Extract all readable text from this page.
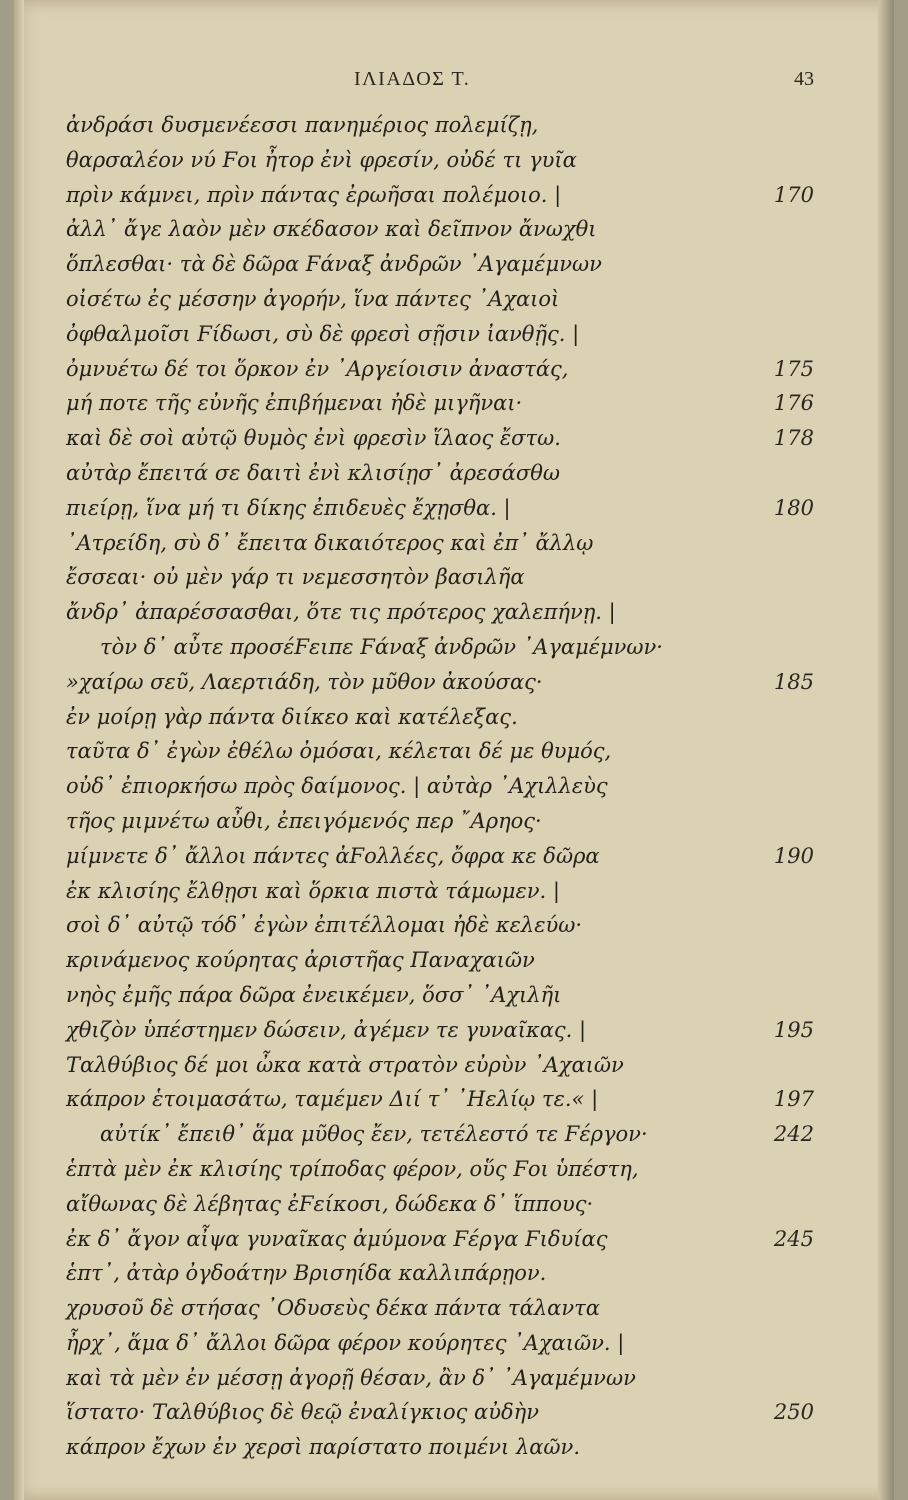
ΙΛΙΑΔΟΣ Τ.	43
ἀνδράσι δυσμενέεσσι πανημέριος πολεμίζῃ,
θαρσαλέον νύ Ϝοι ἦτορ ἐνὶ φρεσίν, οὐδέ τι γυῖα
πρὶν κάμνει, πρὶν πάντας ἐρωῆσαι πολέμοιο. |	170
ἀλλ᾽ ἄγε λαὸν μὲν σκέδασον καὶ δεῖπνον ἄνωχθι
ὅπλεσθαι· τὰ δὲ δῶρα Ϝάναξ ἀνδρῶν ᾽Αγαμέμνων
οἰσέτω ἐς μέσσην ἀγορήν, ἵνα πάντες ᾽Αχαιοὶ
ὀφθαλμοῖσι Ϝίδωσι, σὺ δὲ φρεσὶ σῇσιν ἰανθῇς. |
ὀμνυέτω δέ τοι ὅρκον ἐν ᾽Αργείοισιν ἀναστάς,	175
μή ποτε τῆς εὐνῆς ἐπιβήμεναι ἠδὲ μιγῆναι·	176
καὶ δὲ σοὶ αὐτῷ θυμὸς ἐνὶ φρεσὶν ἵλαος ἔστω.	178
αὐτὰρ ἔπειτά σε δαιτὶ ἐνὶ κλισίῃσ᾽ ἀρεσάσθω
πιείρῃ, ἵνα μή τι δίκης ἐπιδευὲς ἔχῃσθα. |	180
᾽Ατρείδη, σὺ δ᾽ ἔπειτα δικαιότερος καὶ ἐπ᾽ ἄλλῳ
ἔσσεαι· οὐ μὲν γάρ τι νεμεσσητὸν βασιλῆα
ἄνδρ᾽ ἀπαρέσσασθαι, ὅτε τις πρότερος χαλεπήνῃ. |
τὸν δ᾽ αὖτε προσέϜειπε Ϝάναξ ἀνδρῶν ᾽Αγαμέμνων·
»χαίρω σεῦ, Λαερτιάδη, τὸν μῦθον ἀκούσας·	185
ἐν μοίρῃ γὰρ πάντα διίκεο καὶ κατέλεξας.
ταῦτα δ᾽ ἐγὼν ἐθέλω ὀμόσαι, κέλεται δέ με θυμός,
οὐδ᾽ ἐπιορκήσω πρὸς δαίμονος. | αὐτὰρ ᾽Αχιλλεὺς
τῆος μιμνέτω αὖθι, ἐπειγόμενός περ ῎Αρηος·
μίμνετε δ᾽ ἄλλοι πάντες ἀϜολλέες, ὄφρα κε δῶρα	190
ἐκ κλισίης ἔλθῃσι καὶ ὅρκια πιστὰ τάμωμεν. |
σοὶ δ᾽ αὐτῷ τόδ᾽ ἐγὼν ἐπιτέλλομαι ἠδὲ κελεύω·
κρινάμενος κούρητας ἀριστῆας Παναχαιῶν
νηὸς ἐμῆς πάρα δῶρα ἐνεικέμεν, ὅσσ᾽ ᾽Αχιλῆι
χθιζὸν ὑπέστημεν δώσειν, ἀγέμεν τε γυναῖκας. |	195
Ταλθύβιος δέ μοι ὦκα κατὰ στρατὸν εὐρὺν ᾽Αχαιῶν
κάπρον ἑτοιμασάτω, ταμέμεν Διί τ᾽ ᾽Ηελίῳ τε.« |	197
αὐτίκ᾽ ἔπειθ᾽ ἅμα μῦθος ἔεν, τετέλεστό τε Ϝέργον·	242
ἑπτὰ μὲν ἐκ κλισίης τρίποδας φέρον, οὕς Ϝοι ὑπέστη,
αἴθωνας δὲ λέβητας ἐϜείκοσι, δώδεκα δ᾽ ἵππους·
ἐκ δ᾽ ἄγον αἶψα γυναῖκας ἀμύμονα Ϝέργα Ϝιδυίας	245
ἑπτ᾽, ἀτὰρ ὀγδοάτην Βρισηίδα καλλιπάρῃον.
χρυσοῦ δὲ στήσας ᾽Οδυσεὺς δέκα πάντα τάλαντα
ἦρχ᾽, ἅμα δ᾽ ἄλλοι δῶρα φέρον κούρητες ᾽Αχαιῶν. |
καὶ τὰ μὲν ἐν μέσσῃ ἀγορῇ θέσαν, ἂν δ᾽ ᾽Αγαμέμνων
ἵστατο· Ταλθύβιος δὲ θεῷ ἐναλίγκιος αὐδὴν	250
κάπρον ἔχων ἐν χερσὶ παρίστατο ποιμένι λαῶν.
